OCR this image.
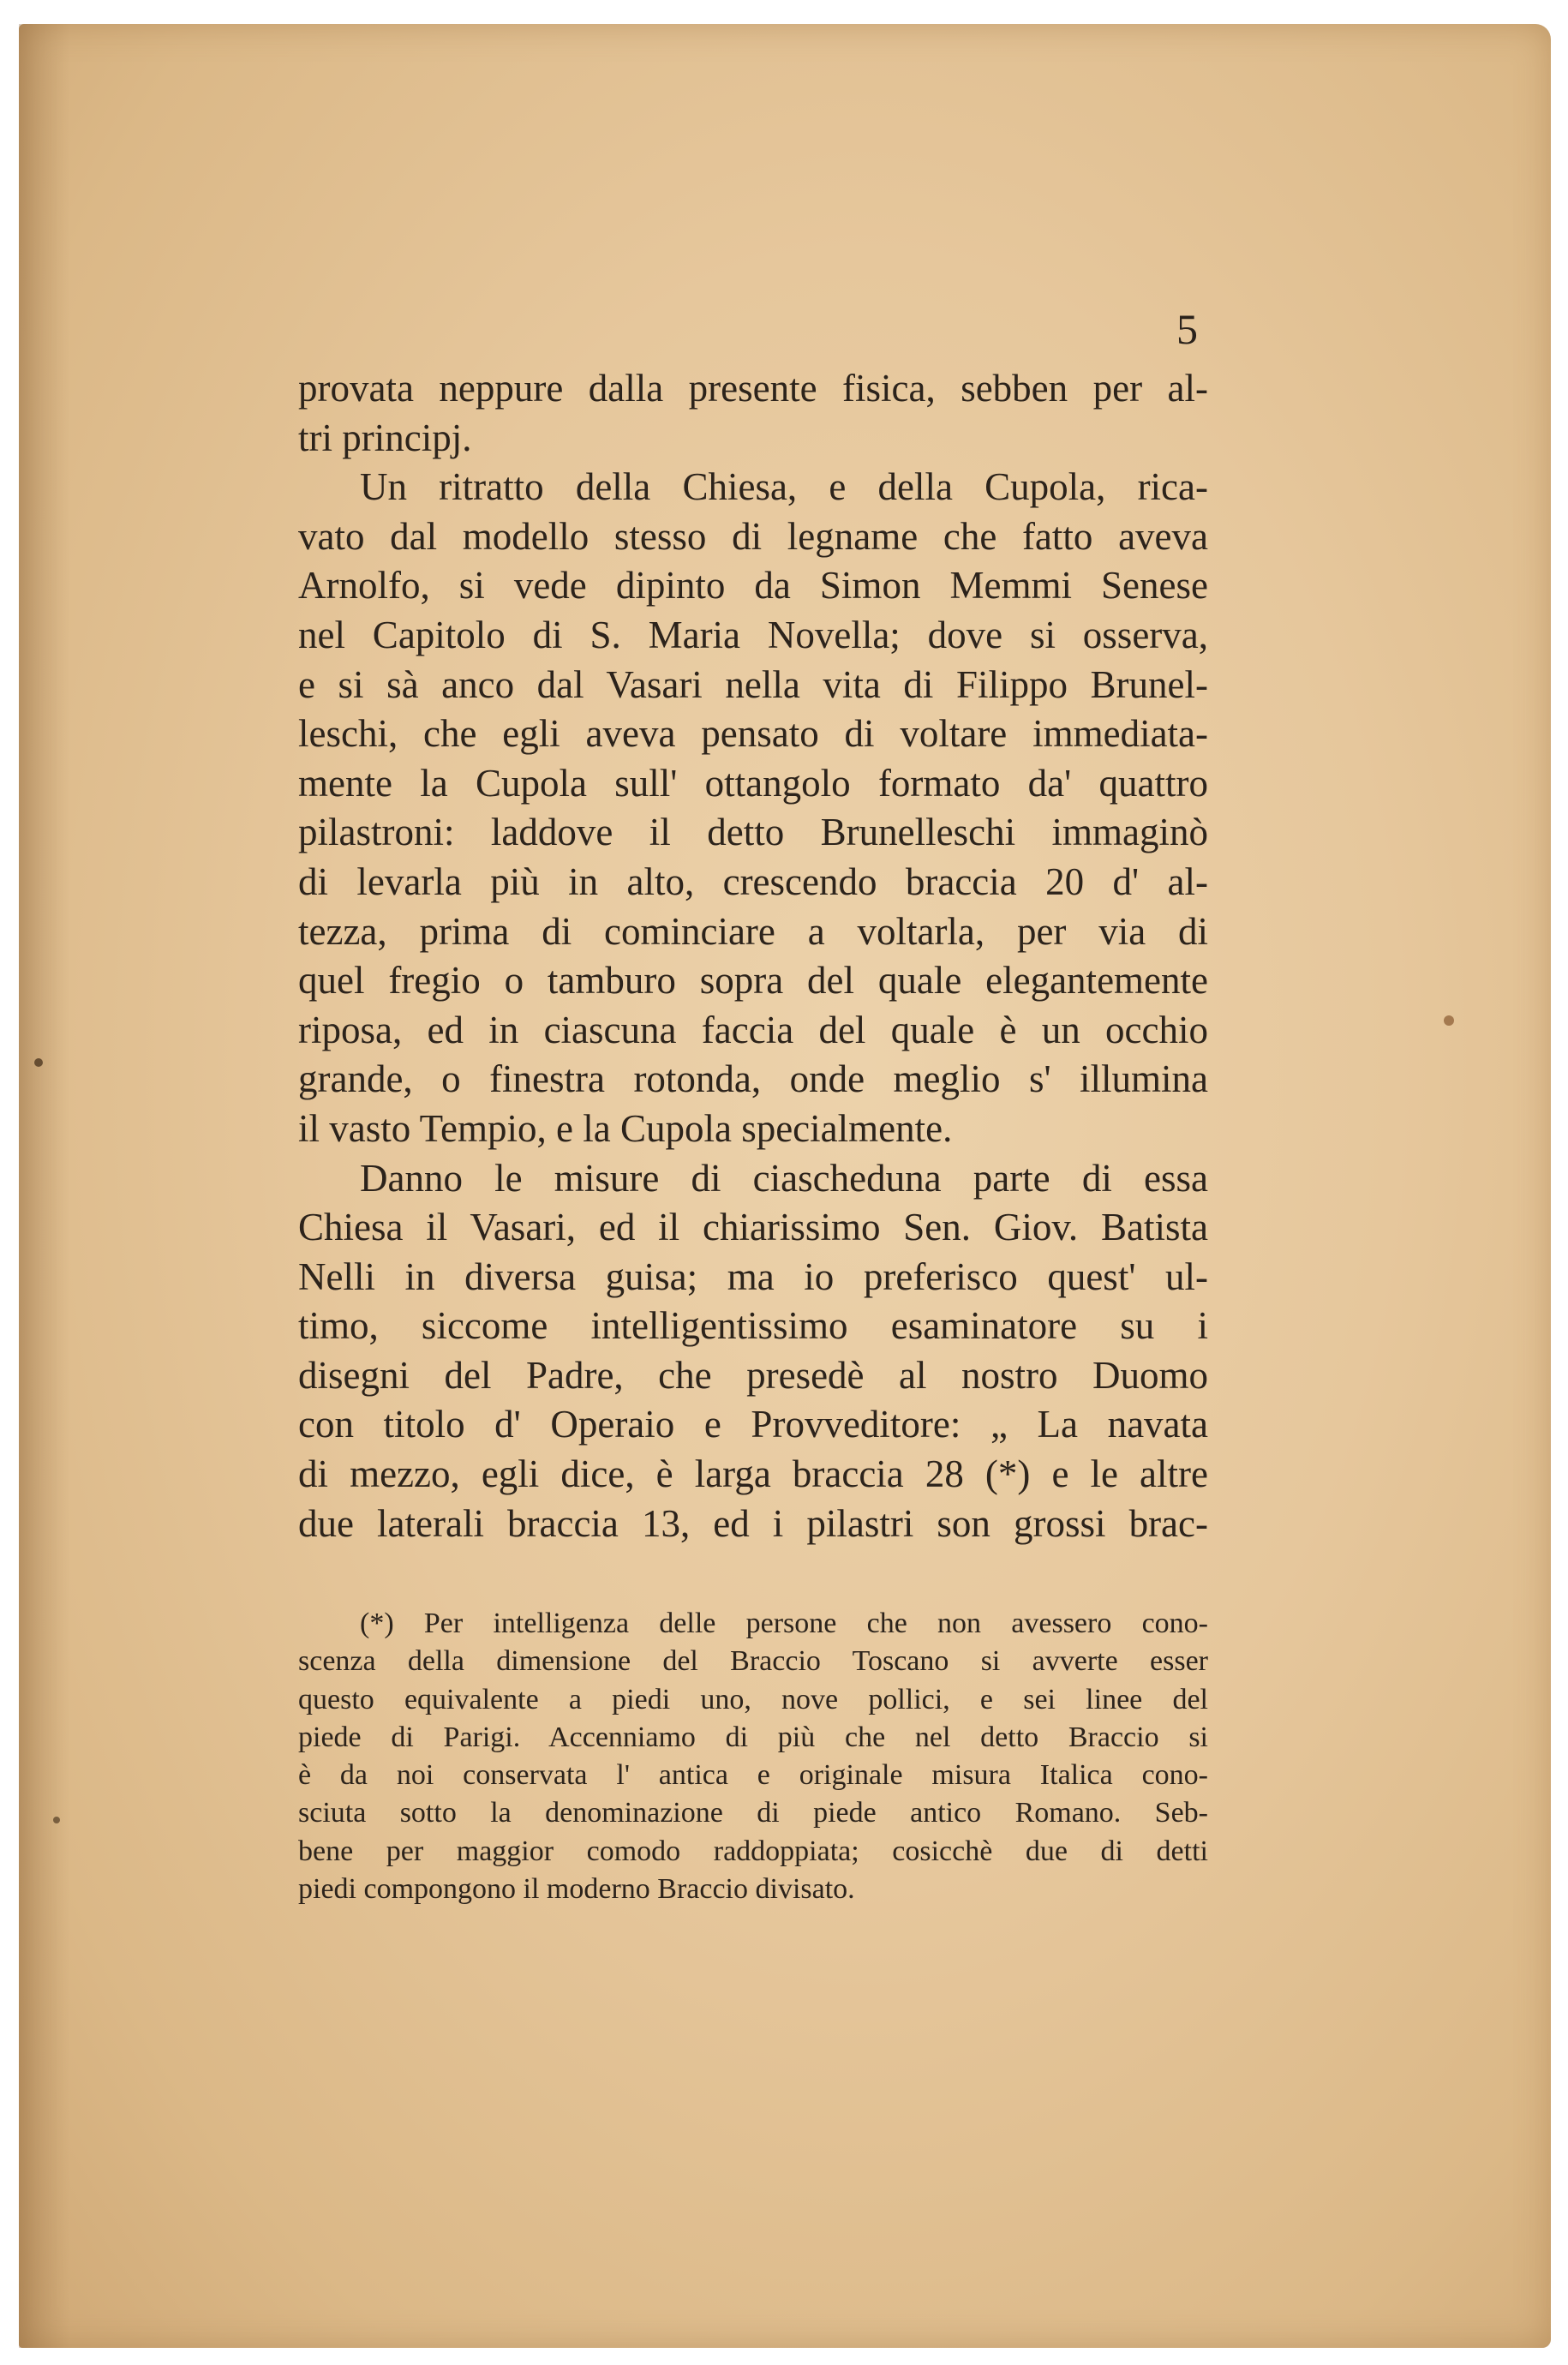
5

provata neppure dalla presente fisica, sebben per al-
tri principj.
Un ritratto della Chiesa, e della Cupola, rica-
vato dal modello stesso di legname che fatto aveva
Arnolfo, si vede dipinto da Simon Memmi Senese
nel Capitolo di S. Maria Novella; dove si osserva,
e si sà anco dal Vasari nella vita di Filippo Brunel-
leschi, che egli aveva pensato di voltare immediata-
mente la Cupola sull' ottangolo formato da' quattro
pilastroni: laddove il detto Brunelleschi immaginò
di levarla più in alto, crescendo braccia 20 d' al-
tezza, prima di cominciare a voltarla, per via di
quel fregio o tamburo sopra del quale elegantemente
riposa, ed in ciascuna faccia del quale è un occhio
grande, o finestra rotonda, onde meglio s' illumina
il vasto Tempio, e la Cupola specialmente.
Danno le misure di ciascheduna parte di essa
Chiesa il Vasari, ed il chiarissimo Sen. Giov. Batista
Nelli in diversa guisa; ma io preferisco quest' ul-
timo, siccome intelligentissimo esaminatore su i
disegni del Padre, che presedè al nostro Duomo
con titolo d' Operaio e Provveditore: „ La navata
di mezzo, egli dice, è larga braccia 28 (*) e le altre
due laterali braccia 13, ed i pilastri son grossi brac-
(*) Per intelligenza delle persone che non avessero cono-
scenza della dimensione del Braccio Toscano si avverte esser
questo equivalente a piedi uno, nove pollici, e sei linee del
piede di Parigi. Accenniamo di più che nel detto Braccio si
è da noi conservata l' antica e originale misura Italica cono-
sciuta sotto la denominazione di piede antico Romano. Seb-
bene per maggior comodo raddoppiata; cosicchè due di detti
piedi compongono il moderno Braccio divisato.
